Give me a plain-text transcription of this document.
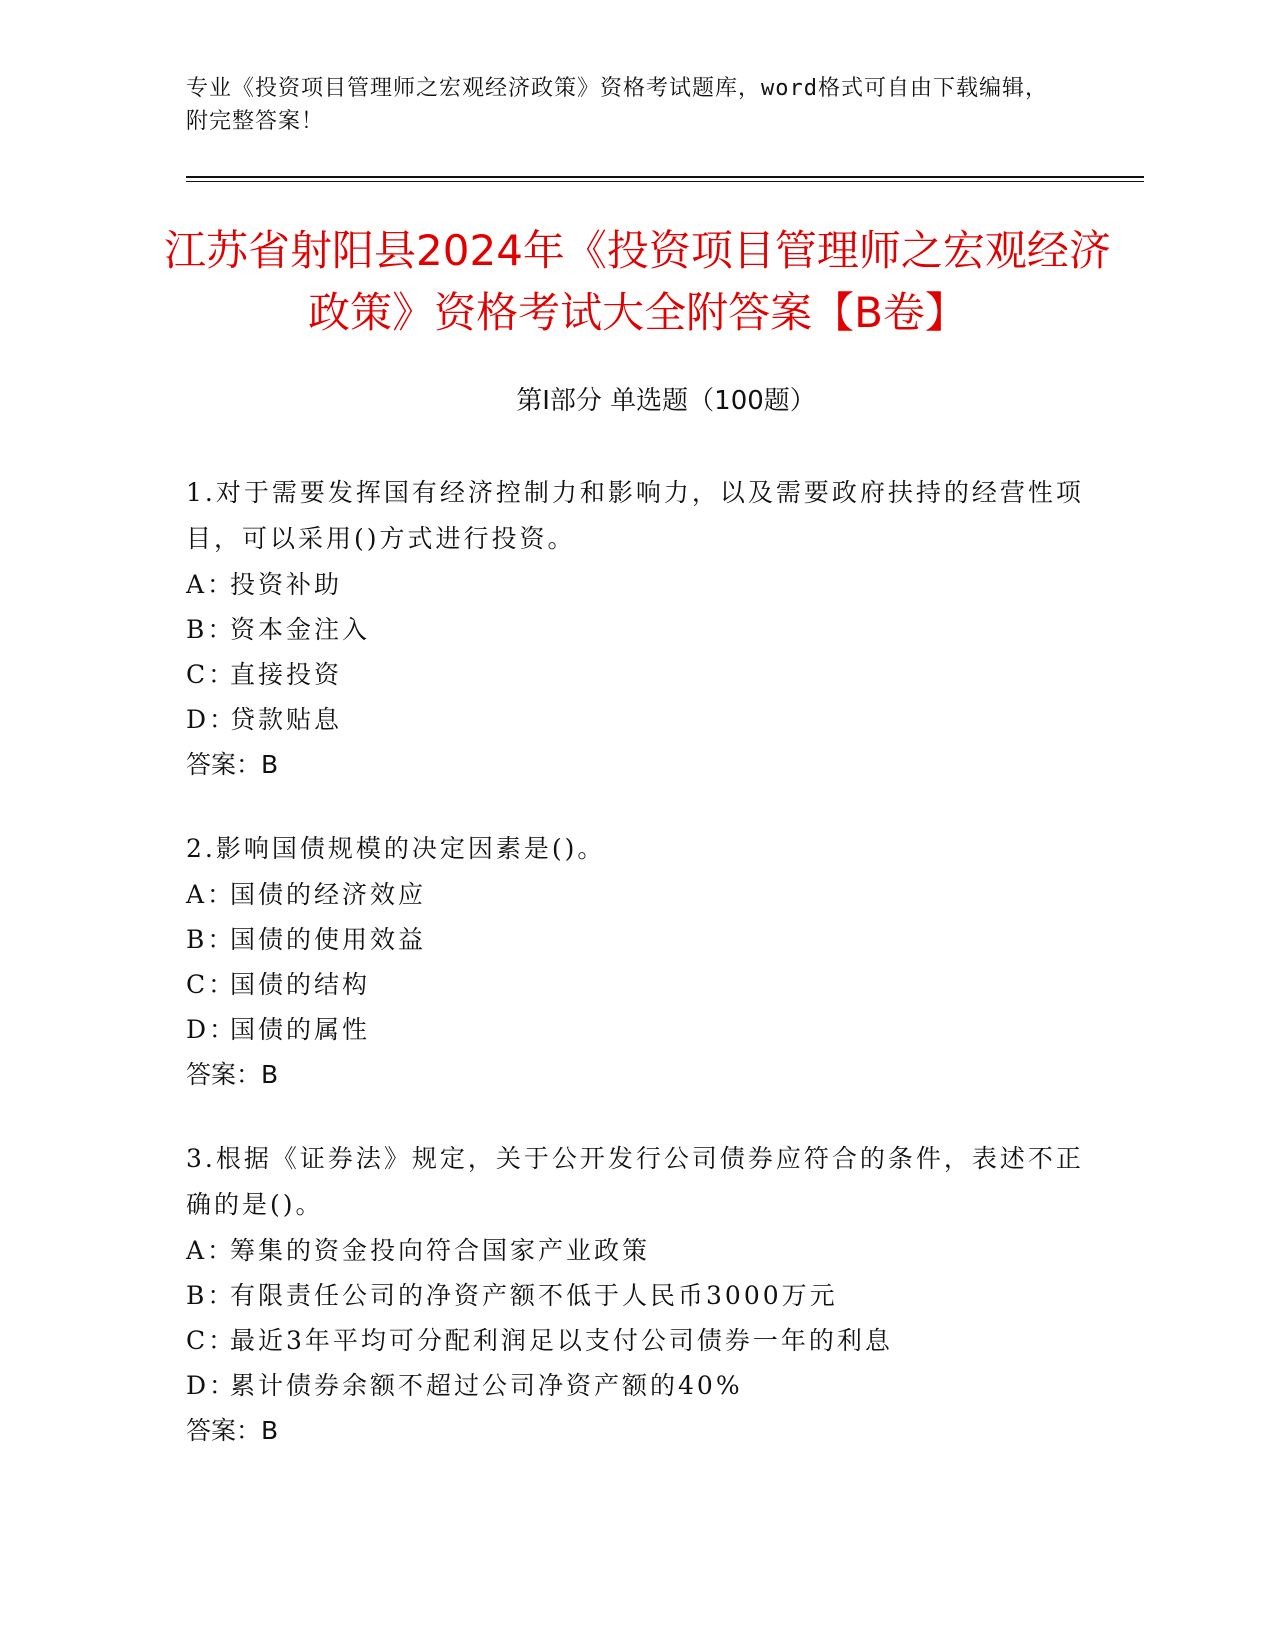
专业《投资项目管理师之宏观经济政策》资格考试题库，word格式可自由下载编辑，附完整答案！
江苏省射阳县2024年《投资项目管理师之宏观经济政策》资格考试大全附答案【B卷】
第Ⅰ部分 单选题（100题）
1.对于需要发挥国有经济控制力和影响力，以及需要政府扶持的经营性项目，可以采用()方式进行投资。
A：投资补助
B：资本金注入
C：直接投资
D：贷款贴息
答案：B
2.影响国债规模的决定因素是()。
A：国债的经济效应
B：国债的使用效益
C：国债的结构
D：国债的属性
答案：B
3.根据《证券法》规定，关于公开发行公司债券应符合的条件，表述不正确的是()。
A：筹集的资金投向符合国家产业政策
B：有限责任公司的净资产额不低于人民币3000万元
C：最近3年平均可分配利润足以支付公司债券一年的利息
D：累计债券余额不超过公司净资产额的40%
答案：B
